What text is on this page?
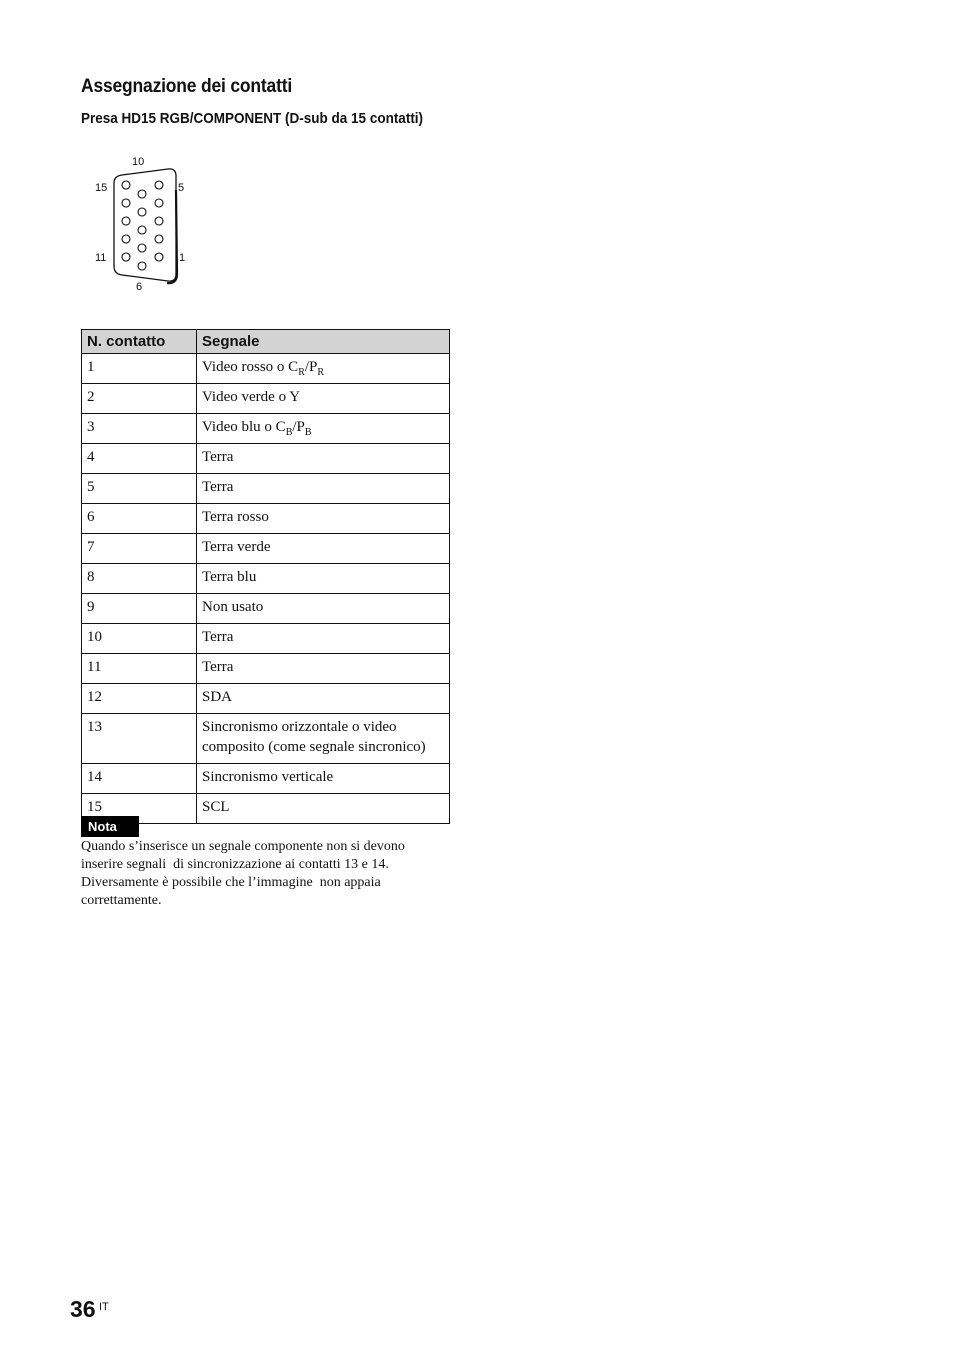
Assegnazione dei contatti
Presa HD15 RGB/COMPONENT (D-sub da 15 contatti)
10
15	5
11	1
6
N. contatto	Segnale
1	Video rosso o $C_R/P_R$
2	Video verde o Y
3	Video blu o $C_B/P_B$
4	Terra
5	Terra
6	Terra rosso
7	Terra verde
8	Terra blu
9	Non usato
10	Terra
11	Terra
12	SDA
13	Sincronismo orizzontale o video composito (come segnale sincronico)
14	Sincronismo verticale
15	SCL
Nota
Quando s’inserisce un segnale componente non si devono
inserire segnali  di sincronizzazione ai contatti 13 e 14.
Diversamente è possibile che l’immagine  non appaia
correttamente.
36 IT
